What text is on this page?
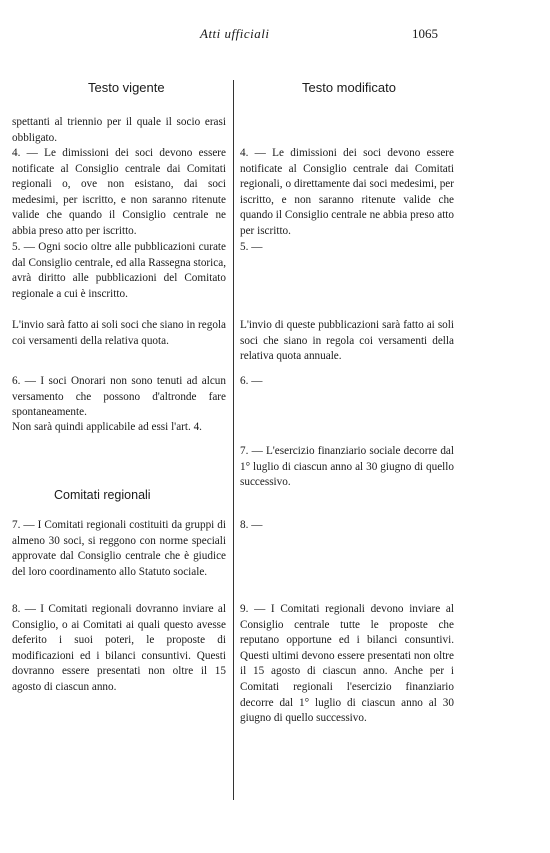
Atti ufficiali	1065
Testo vigente	Testo modificato

spettanti al triennio per il quale il socio erasi obbligato.

4. — Le dimissioni dei soci devono essere notificate al Consiglio centrale dai Comitati regionali o, ove non esistano, dai soci medesimi, per iscritto, e non saranno ritenute valide che quando il Consiglio centrale ne abbia preso atto per iscritto.

5. — Ogni socio oltre alle pubblicazioni curate dal Consiglio centrale, ed alla Rassegna storica, avrà diritto alle pubblicazioni del Comitato regionale a cui è inscritto.

L'invio sarà fatto ai soli soci che siano in regola coi versamenti della relativa quota.

6. — I soci Onorari non sono tenuti ad alcun versamento che possono d'altronde fare spontaneamente.

Non sarà quindi applicabile ad essi l'art. 4.

7. — I Comitati regionali costituiti da gruppi di almeno 30 soci, si reggono con norme speciali approvate dal Consiglio centrale che è giudice del loro coordinamento allo Statuto sociale.

8. — I Comitati regionali dovranno inviare al Consiglio, o ai Comitati ai quali questo avesse deferito i suoi poteri, le proposte di modificazioni ed i bilanci consuntivi. Questi dovranno essere presentati non oltre il 15 agosto di ciascun anno.

Comitati regionali

4. — Le dimissioni dei soci devono essere notificate al Consiglio centrale dai Comitati regionali, o direttamente dai soci medesimi, per iscritto, e non saranno ritenute valide che quando il Consiglio centrale ne abbia preso atto per iscritto.

5. —

L'invio di queste pubblicazioni sarà fatto ai soli soci che siano in regola coi versamenti della relativa quota annuale.

6. —

7. — L'esercizio finanziario sociale decorre dal 1° luglio di ciascun anno al 30 giugno di quello successivo.

8. —

9. — I Comitati regionali devono inviare al Consiglio centrale tutte le proposte che reputano opportune ed i bilanci consuntivi. Questi ultimi devono essere presentati non oltre il 15 agosto di ciascun anno. Anche per i Comitati regionali l'esercizio finanziario decorre dal 1° luglio di ciascun anno al 30 giugno di quello successivo.
